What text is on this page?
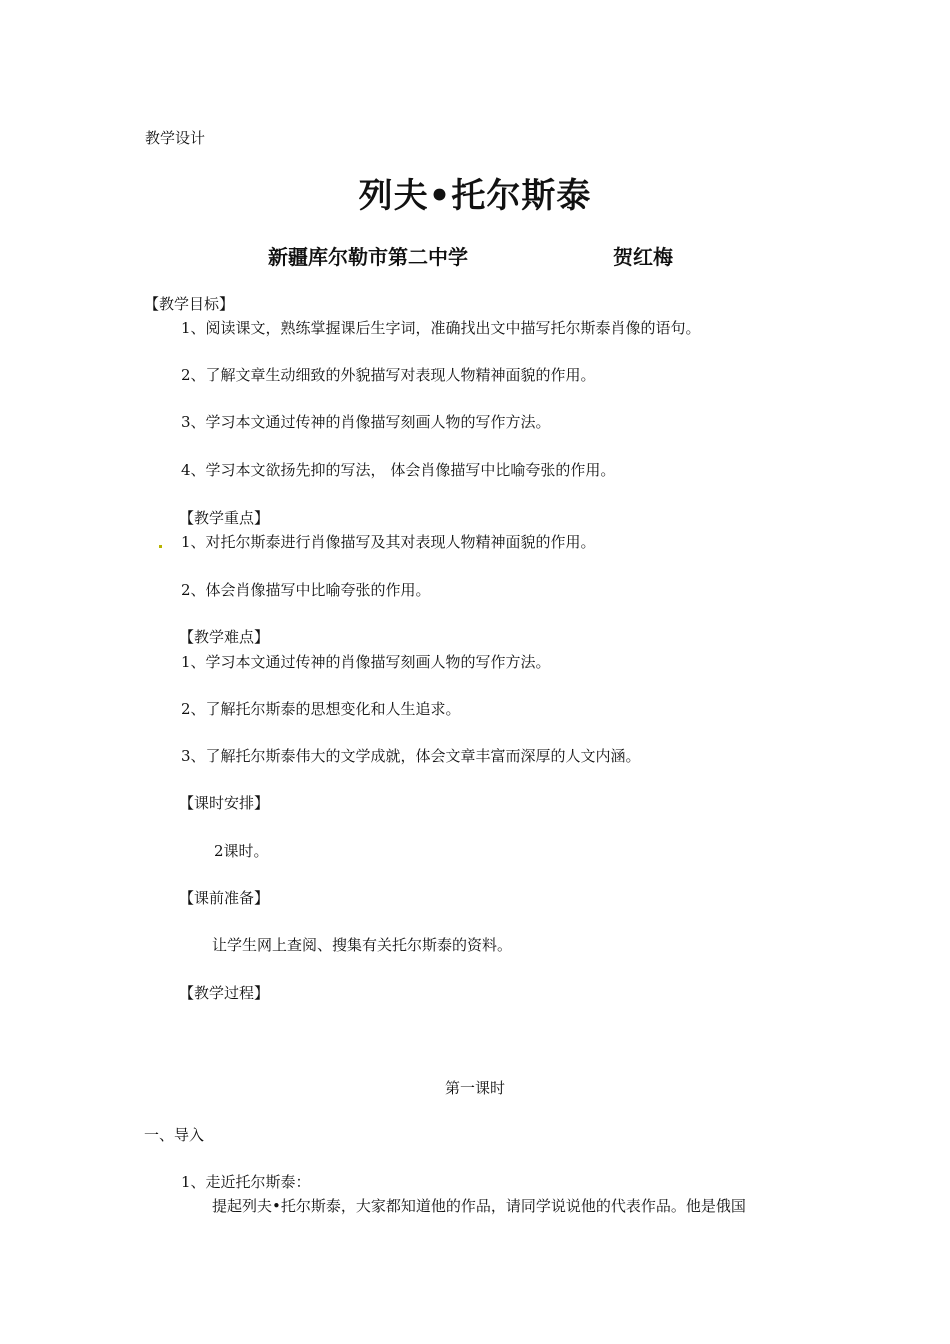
教学设计
列夫•托尔斯泰
新疆库尔勒市第二中学	贺红梅
【教学目标】
1、阅读课文，熟练掌握课后生字词，准确找出文中描写托尔斯泰肖像的语句。
2、了解文章生动细致的外貌描写对表现人物精神面貌的作用。
3、学习本文通过传神的肖像描写刻画人物的写作方法。
4、学习本文欲扬先抑的写法， 体会肖像描写中比喻夸张的作用。
【教学重点】
1、对托尔斯泰进行肖像描写及其对表现人物精神面貌的作用。
2、体会肖像描写中比喻夸张的作用。
【教学难点】
1、学习本文通过传神的肖像描写刻画人物的写作方法。
2、了解托尔斯泰的思想变化和人生追求。
3、了解托尔斯泰伟大的文学成就，体会文章丰富而深厚的人文内涵。
【课时安排】
2课时。
【课前准备】
让学生网上查阅、搜集有关托尔斯泰的资料。
【教学过程】
第一课时
一、导入
1、走近托尔斯泰：
提起列夫•托尔斯泰，大家都知道他的作品，请同学说说他的代表作品。他是俄国
